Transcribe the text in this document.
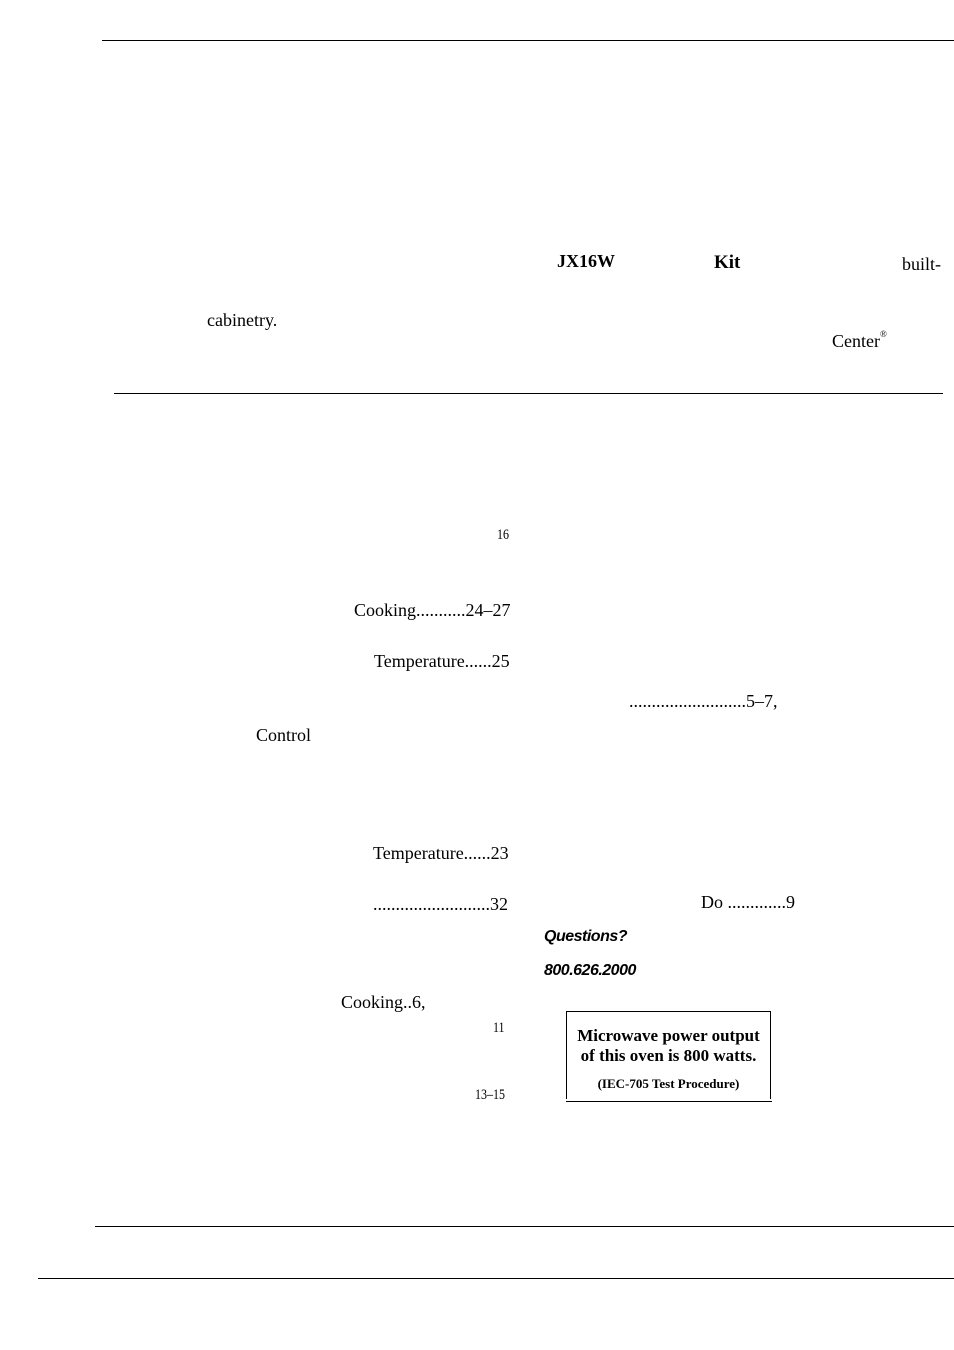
JX16W	Kit	built-
cabinetry.
Center®
16
Cooking...........24–27
Temperature......25
Control
Temperature......23
..........................32
Cooking..6,
11
13–15
..........................5–7,
Do .............9
Questions?
800.626.2000
Microwave power output
of this oven is 800 watts.
(IEC-705 Test Procedure)
